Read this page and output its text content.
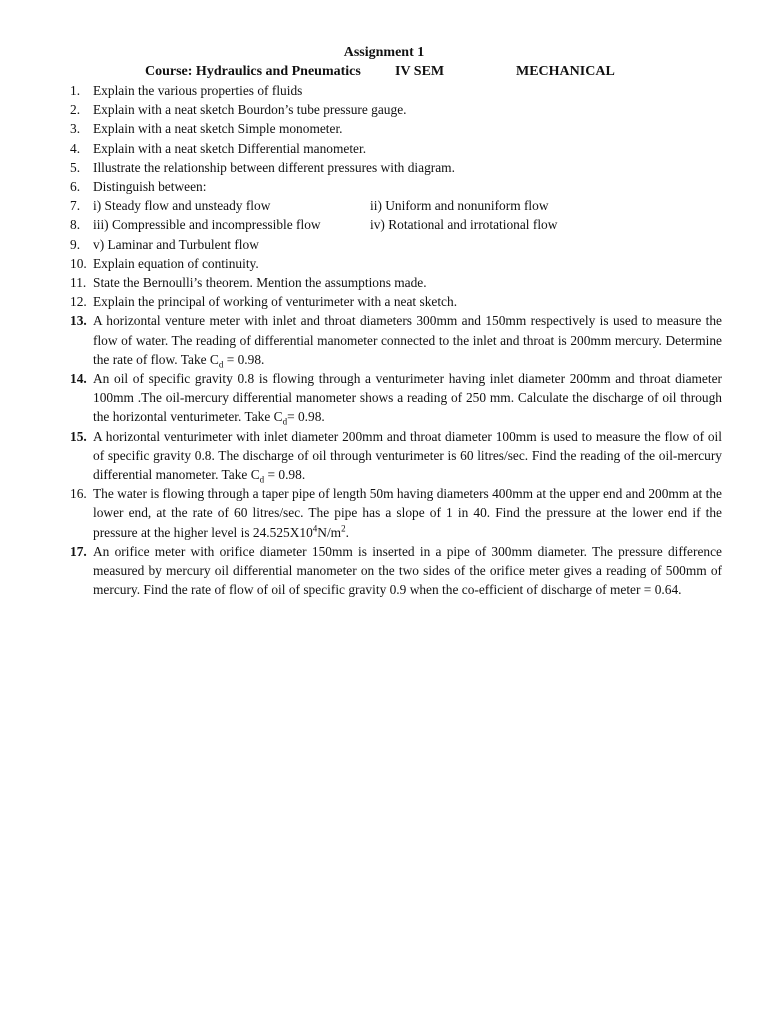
Assignment 1

Course: Hydraulics and Pneumatics

IV SEM

	MECHANICAL

1. Explain the various properties of fluids
2. Explain with a neat sketch Bourdon’s tube pressure gauge.
3. Explain with a neat sketch Simple monometer.
4. Explain with a neat sketch Differential manometer.
5. Illustrate the relationship between different pressures with diagram.
6. Distinguish between:
7. i) Steady flow and unsteady flow	ii) Uniform and nonuniform flow
8. iii) Compressible and incompressible flow	iv) Rotational and irrotational flow
9. v) Laminar and Turbulent flow
10. Explain equation of continuity.
11. State the Bernoulli’s theorem. Mention the assumptions made.
12. Explain the principal of working of venturimeter with a neat sketch.
13. A horizontal venture meter with inlet and throat diameters 300mm and 150mm respectively is used to measure the flow of water. The reading of differential manometer connected to the inlet and throat is 200mm mercury. Determine the rate of flow. Take $C_d = 0.98$.
14. An oil of specific gravity 0.8 is flowing through a venturimeter having inlet diameter 200mm and throat diameter 100mm .The oil-mercury differential manometer shows a reading of 250 mm. Calculate the discharge of oil through the horizontal venturimeter. Take $C_d= 0.98$.
15. A horizontal venturimeter with inlet diameter 200mm and throat diameter 100mm is used to measure the flow of oil of specific gravity 0.8. The discharge of oil through venturimeter is 60 litres/sec. Find the reading of the oil-mercury differential manometer. Take $C_d = 0.98$.
16. The water is flowing through a taper pipe of length 50m having diameters 400mm at the upper end and 200mm at the lower end, at the rate of 60 litres/sec. The pipe has a slope of 1 in 40. Find the pressure at the lower end if the pressure at the higher level is $24.525X10^4N/m^2$.
17. An orifice meter with orifice diameter 150mm is inserted in a pipe of 300mm diameter. The pressure difference measured by mercury oil differential manometer on the two sides of the orifice meter gives a reading of 500mm of mercury. Find the rate of flow of oil of specific gravity 0.9 when the co-efficient of discharge of meter = 0.64.
